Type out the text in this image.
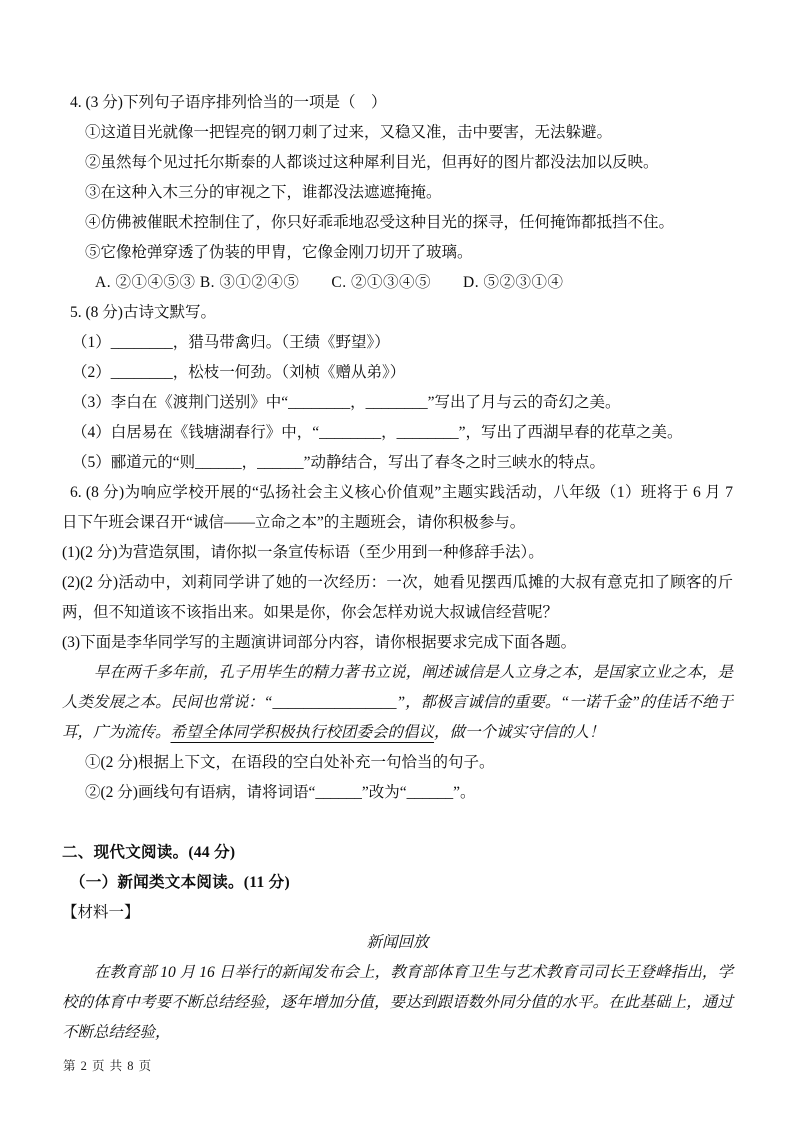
4. (3 分)下列句子语序排列恰当的一项是（　）
①这道目光就像一把锃亮的钢刀刺了过来，又稳又准，击中要害，无法躲避。
②虽然每个见过托尔斯泰的人都谈过这种犀利目光，但再好的图片都没法加以反映。
③在这种入木三分的审视之下，谁都没法遮遮掩掩。
④仿佛被催眠术控制住了，你只好乖乖地忍受这种目光的探寻，任何掩饰都抵挡不住。
⑤它像枪弹穿透了伪装的甲胄，它像金刚刀切开了玻璃。
A. ②①④⑤③ B. ③①②④⑤　　C. ②①③④⑤　　D. ⑤②③①④
5. (8 分)古诗文默写。
（1）________，猎马带禽归。（王绩《野望》）
（2）________，松枝一何劲。（刘桢《赠从弟》）
（3）李白在《渡荆门送别》中“________，________”写出了月与云的奇幻之美。
（4）白居易在《钱塘湖春行》中，“________，________”，写出了西湖早春的花草之美。
（5）郦道元的“则______，______”动静结合，写出了春冬之时三峡水的特点。
6. (8 分)为响应学校开展的“弘扬社会主义核心价值观”主题实践活动，八年级（1）班将于 6 月 7 日下午班会课召开“诚信——立命之本”的主题班会，请你积极参与。
(1)(2 分)为营造氛围，请你拟一条宣传标语（至少用到一种修辞手法）。
(2)(2 分)活动中，刘莉同学讲了她的一次经历：一次，她看见摆西瓜摊的大叔有意克扣了顾客的斤两，但不知道该不该指出来。如果是你，你会怎样劝说大叔诚信经营呢？
(3)下面是李华同学写的主题演讲词部分内容，请你根据要求完成下面各题。
早在两千多年前，孔子用毕生的精力著书立说，阐述诚信是人立身之本，是国家立业之本，是人类发展之本。民间也常说：“________________”，都极言诚信的重要。“一诺千金”的佳话不绝于耳，广为流传。希望全体同学积极执行校团委会的倡议，做一个诚实守信的人！
①(2 分)根据上下文，在语段的空白处补充一句恰当的句子。
②(2 分)画线句有语病，请将词语“______”改为“______”。
二、现代文阅读。(44 分)
（一）新闻类文本阅读。(11 分)
【材料一】
新闻回放
在教育部 10 月 16 日举行的新闻发布会上，教育部体育卫生与艺术教育司司长王登峰指出，学校的体育中考要不断总结经验，逐年增加分值，要达到跟语数外同分值的水平。在此基础上，通过不断总结经验，
第 2 页 共 8 页
